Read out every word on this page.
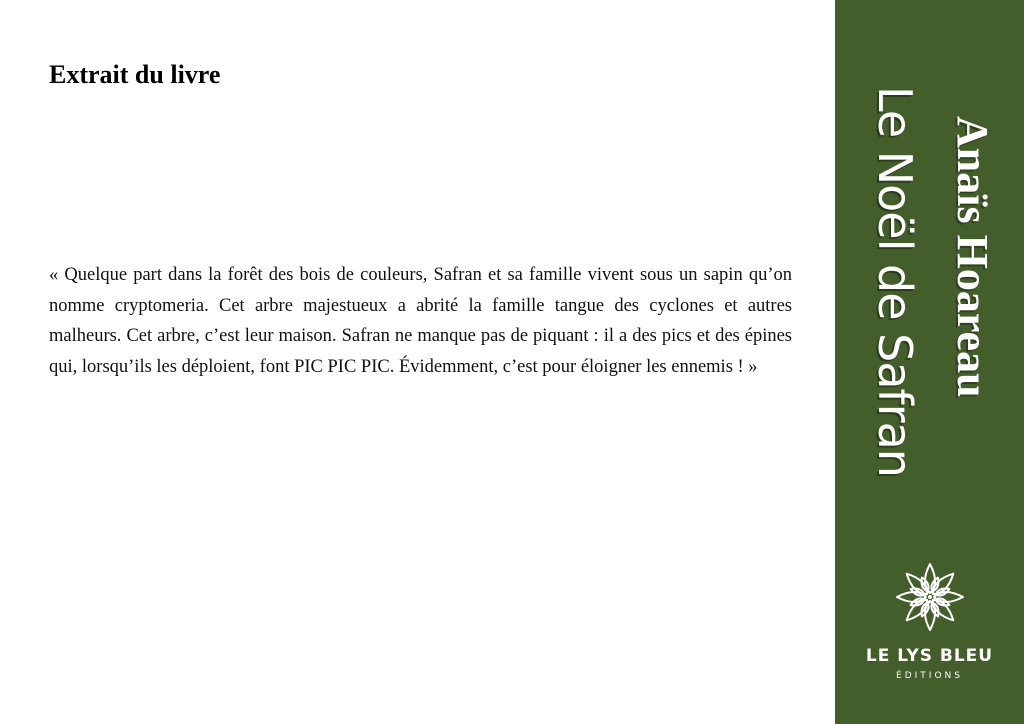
Extrait du livre

« Quelque part dans la forêt des bois de couleurs, Safran et sa famille vivent sous un sapin qu’on nomme cryptomeria. Cet arbre majestueux a abrité la famille tangue des cyclones et autres malheurs. Cet arbre, c’est leur maison. Safran ne manque pas de piquant : il a des pics et des épines qui, lorsqu’ils les déploient, font PIC PIC PIC. Évidemment, c’est pour éloigner les ennemis ! »	Le Noël de Safran Anaïs Hoareau
LE LYS BLEU
ÉDITIONS
